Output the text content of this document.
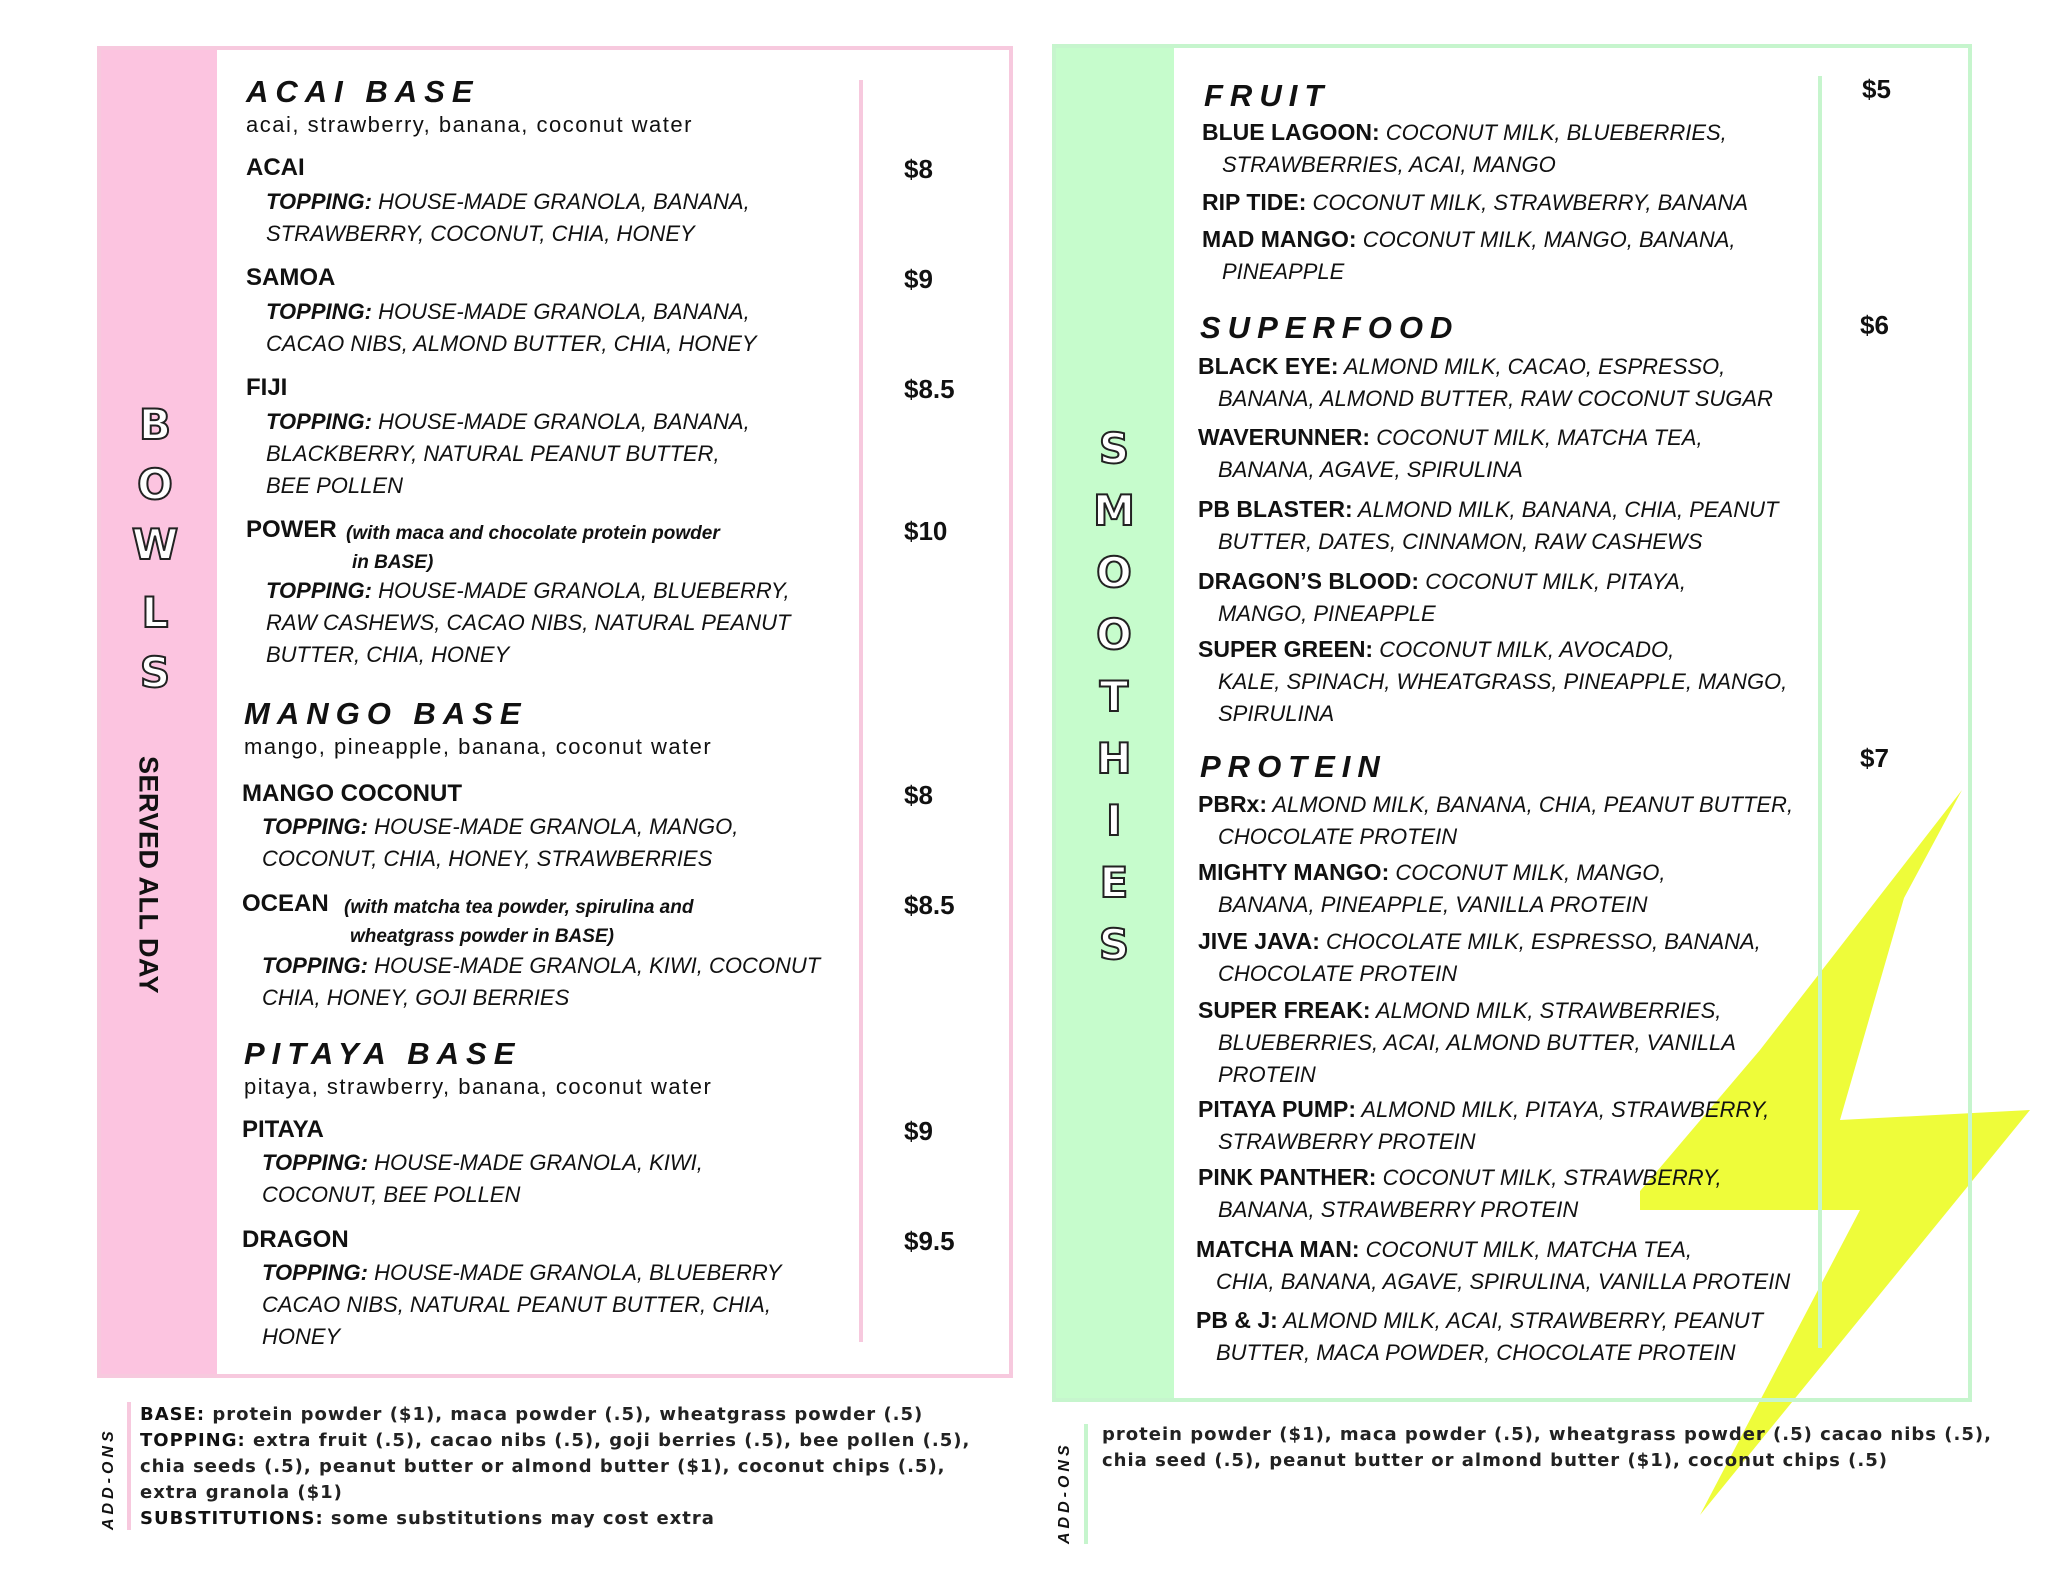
B
O
W
L
S
SERVED ALL DAY
ACAI BASE
acai, strawberry, banana, coconut water
ACAI	$8
TOPPING: HOUSE-MADE GRANOLA, BANANA,
STRAWBERRY, COCONUT, CHIA, HONEY
SAMOA	$9
TOPPING: HOUSE-MADE GRANOLA, BANANA,
CACAO NIBS, ALMOND BUTTER, CHIA, HONEY
FIJI	$8.5
TOPPING: HOUSE-MADE GRANOLA, BANANA,
BLACKBERRY, NATURAL PEANUT BUTTER,
BEE POLLEN
POWER (with maca and chocolate protein powder
in BASE)
$10
TOPPING: HOUSE-MADE GRANOLA, BLUEBERRY,
RAW CASHEWS, CACAO NIBS, NATURAL PEANUT
BUTTER, CHIA, HONEY
MANGO BASE
mango, pineapple, banana, coconut water
MANGO COCONUT	$8
TOPPING: HOUSE-MADE GRANOLA, MANGO,
COCONUT, CHIA, HONEY, STRAWBERRIES
OCEAN (with matcha tea powder, spirulina and
wheatgrass powder in BASE)
$8.5
TOPPING: HOUSE-MADE GRANOLA, KIWI, COCONUT
CHIA, HONEY, GOJI BERRIES
PITAYA BASE
pitaya, strawberry, banana, coconut water
PITAYA	$9
TOPPING: HOUSE-MADE GRANOLA, KIWI,
COCONUT, BEE POLLEN
DRAGON	$9.5
TOPPING: HOUSE-MADE GRANOLA, BLUEBERRY
CACAO NIBS, NATURAL PEANUT BUTTER, CHIA,
HONEY
ADD-ONS
BASE: protein powder ($1), maca powder (.5), wheatgrass powder (.5)
TOPPING: extra fruit (.5), cacao nibs (.5), goji berries (.5), bee pollen (.5),
chia seeds (.5), peanut butter or almond butter ($1), coconut chips (.5),
extra granola ($1)
SUBSTITUTIONS: some substitutions may cost extra
S
M
O
O
T
H
I
E
S
FRUIT	$5
BLUE LAGOON: COCONUT MILK, BLUEBERRIES,
STRAWBERRIES, ACAI, MANGO
RIP TIDE: COCONUT MILK, STRAWBERRY, BANANA
MAD MANGO: COCONUT MILK, MANGO, BANANA,
PINEAPPLE
SUPERFOOD	$6
BLACK EYE: ALMOND MILK, CACAO, ESPRESSO,
BANANA, ALMOND BUTTER, RAW COCONUT SUGAR
WAVERUNNER: COCONUT MILK, MATCHA TEA,
BANANA, AGAVE, SPIRULINA
PB BLASTER: ALMOND MILK, BANANA, CHIA, PEANUT
BUTTER, DATES, CINNAMON, RAW CASHEWS
DRAGON’S BLOOD: COCONUT MILK, PITAYA,
MANGO, PINEAPPLE
SUPER GREEN: COCONUT MILK, AVOCADO,
KALE, SPINACH, WHEATGRASS, PINEAPPLE, MANGO,
SPIRULINA
PROTEIN	$7
PBRx: ALMOND MILK, BANANA, CHIA, PEANUT BUTTER,
CHOCOLATE PROTEIN
MIGHTY MANGO: COCONUT MILK, MANGO,
BANANA, PINEAPPLE, VANILLA PROTEIN
JIVE JAVA: CHOCOLATE MILK, ESPRESSO, BANANA,
CHOCOLATE PROTEIN
SUPER FREAK: ALMOND MILK, STRAWBERRIES,
BLUEBERRIES, ACAI, ALMOND BUTTER, VANILLA
PROTEIN
PITAYA PUMP: ALMOND MILK, PITAYA, STRAWBERRY,
STRAWBERRY PROTEIN
PINK PANTHER: COCONUT MILK, STRAWBERRY,
BANANA, STRAWBERRY PROTEIN
MATCHA MAN: COCONUT MILK, MATCHA TEA,
CHIA, BANANA, AGAVE, SPIRULINA, VANILLA PROTEIN
PB & J: ALMOND MILK, ACAI, STRAWBERRY, PEANUT
BUTTER, MACA POWDER, CHOCOLATE PROTEIN
ADD-ONS
protein powder ($1), maca powder (.5), wheatgrass powder (.5) cacao nibs (.5),
chia seed (.5), peanut butter or almond butter ($1), coconut chips (.5)
